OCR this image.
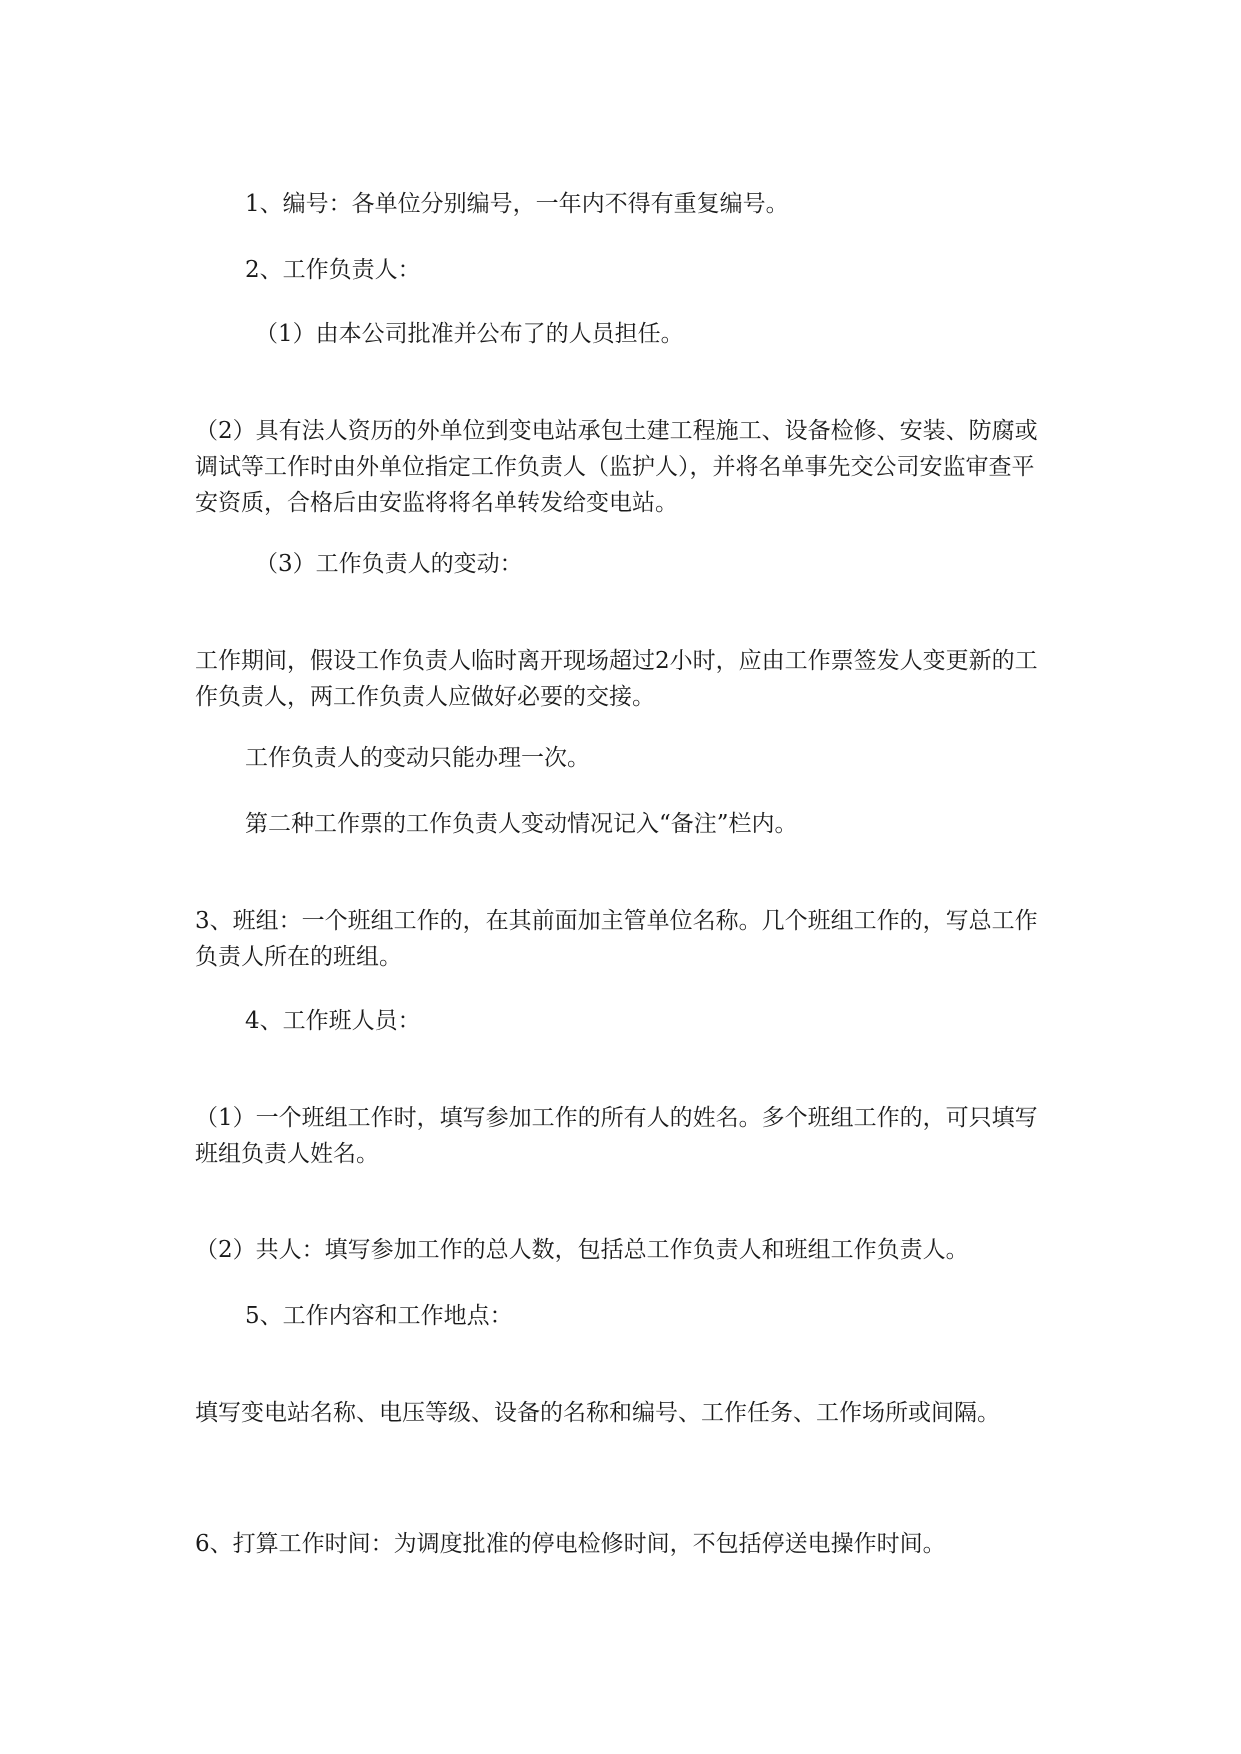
1、编号：各单位分别编号，一年内不得有重复编号。

2、工作负责人：

（1）由本公司批准并公布了的人员担任。

（2）具有法人资历的外单位到变电站承包土建工程施工、设备检修、安装、防腐或调试等工作时由外单位指定工作负责人（监护人），并将名单事先交公司安监审查平安资质，合格后由安监将将名单转发给变电站。

（3）工作负责人的变动：

工作期间，假设工作负责人临时离开现场超过2小时，应由工作票签发人变更新的工作负责人，两工作负责人应做好必要的交接。

工作负责人的变动只能办理一次。

第二种工作票的工作负责人变动情况记入“备注”栏内。

3、班组：一个班组工作的，在其前面加主管单位名称。几个班组工作的，写总工作负责人所在的班组。

4、工作班人员：

（1）一个班组工作时，填写参加工作的所有人的姓名。多个班组工作的，可只填写班组负责人姓名。

（2）共人：填写参加工作的总人数，包括总工作负责人和班组工作负责人。

5、工作内容和工作地点：

填写变电站名称、电压等级、设备的名称和编号、工作任务、工作场所或间隔。

6、打算工作时间：为调度批准的停电检修时间，不包括停送电操作时间。
